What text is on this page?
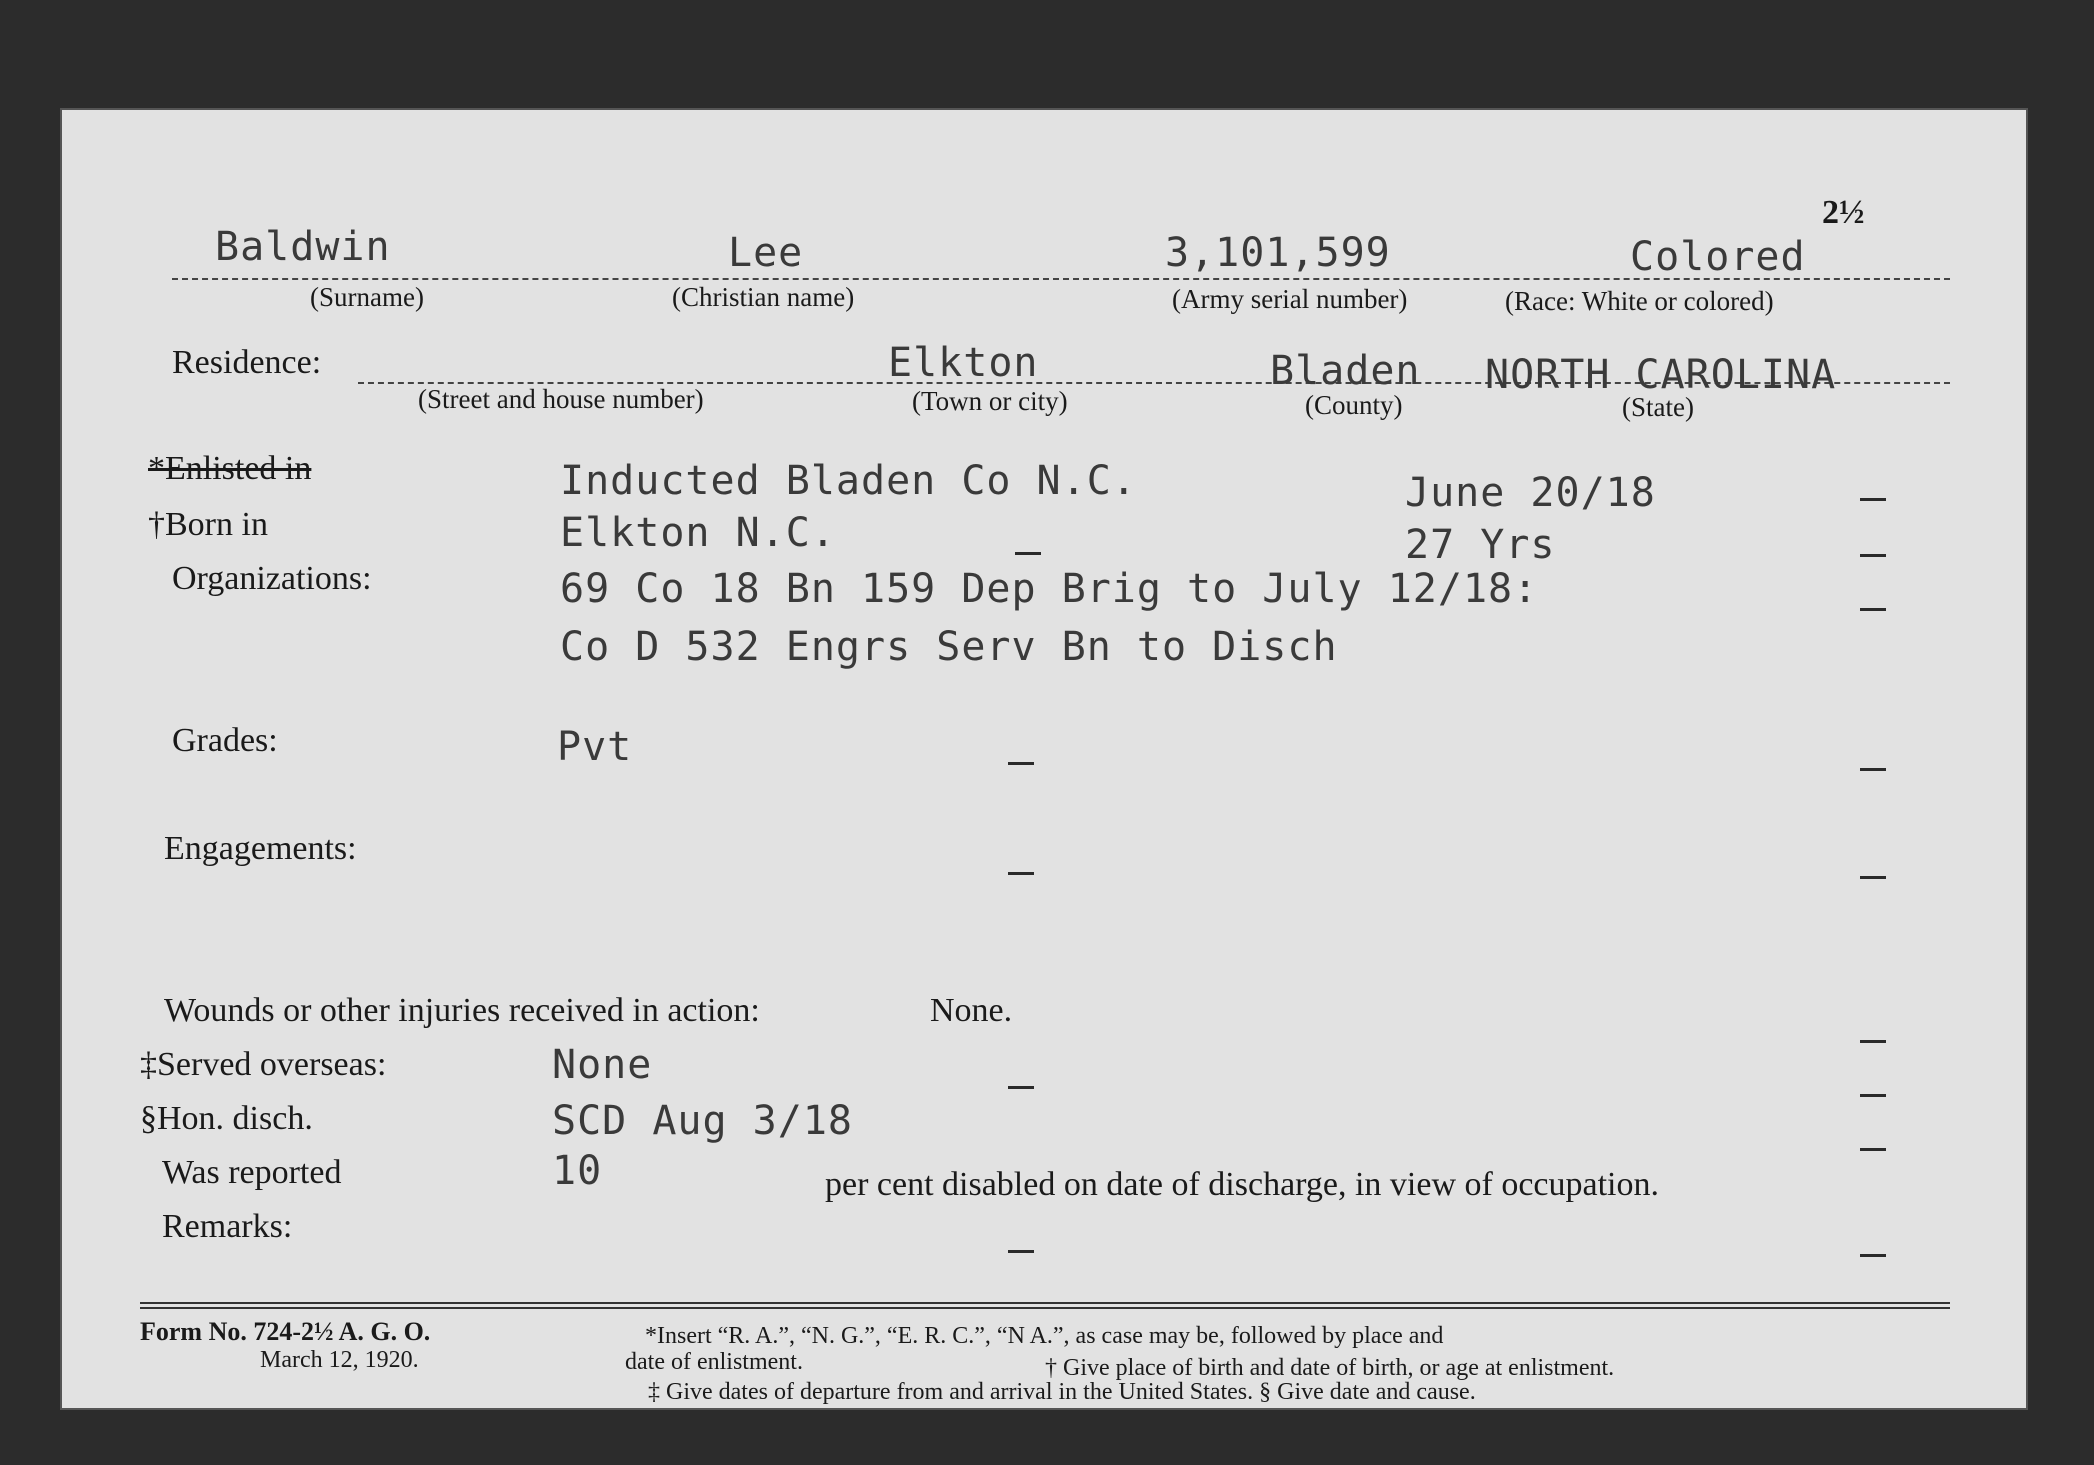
2½
Baldwin
(Surname)
Lee
(Christian name)
3,101,599
(Army serial number)
Colored
(Race: White or colored)
Residence:
(Street and house number)
Elkton
(Town or city)
Bladen
(County)
NORTH CAROLINA
(State)
*Enlisted in	Inducted Bladen Co N.C.	June 20/18
†Born in	Elkton N.C.	27 Yrs
Organizations:	69 Co 18 Bn 159 Dep Brig to July 12/18:
Co D 532 Engrs Serv Bn to Disch
Grades:	Pvt
Engagements:
Wounds or other injuries received in action:	None.
‡Served overseas:	None
§Hon. disch.	SCD Aug 3/18
Was reported	10	per cent disabled on date of discharge, in view of occupation.
Remarks:
Form No. 724-2½ A. G. O.
March 12, 1920.
*Insert “R. A.”, “N. G.”, “E. R. C.”, “N A.”, as case may be, followed by place and
date of enlistment.	† Give place of birth and date of birth, or age at enlistment.
‡ Give dates of departure from and arrival in the United States. § Give date and cause.
